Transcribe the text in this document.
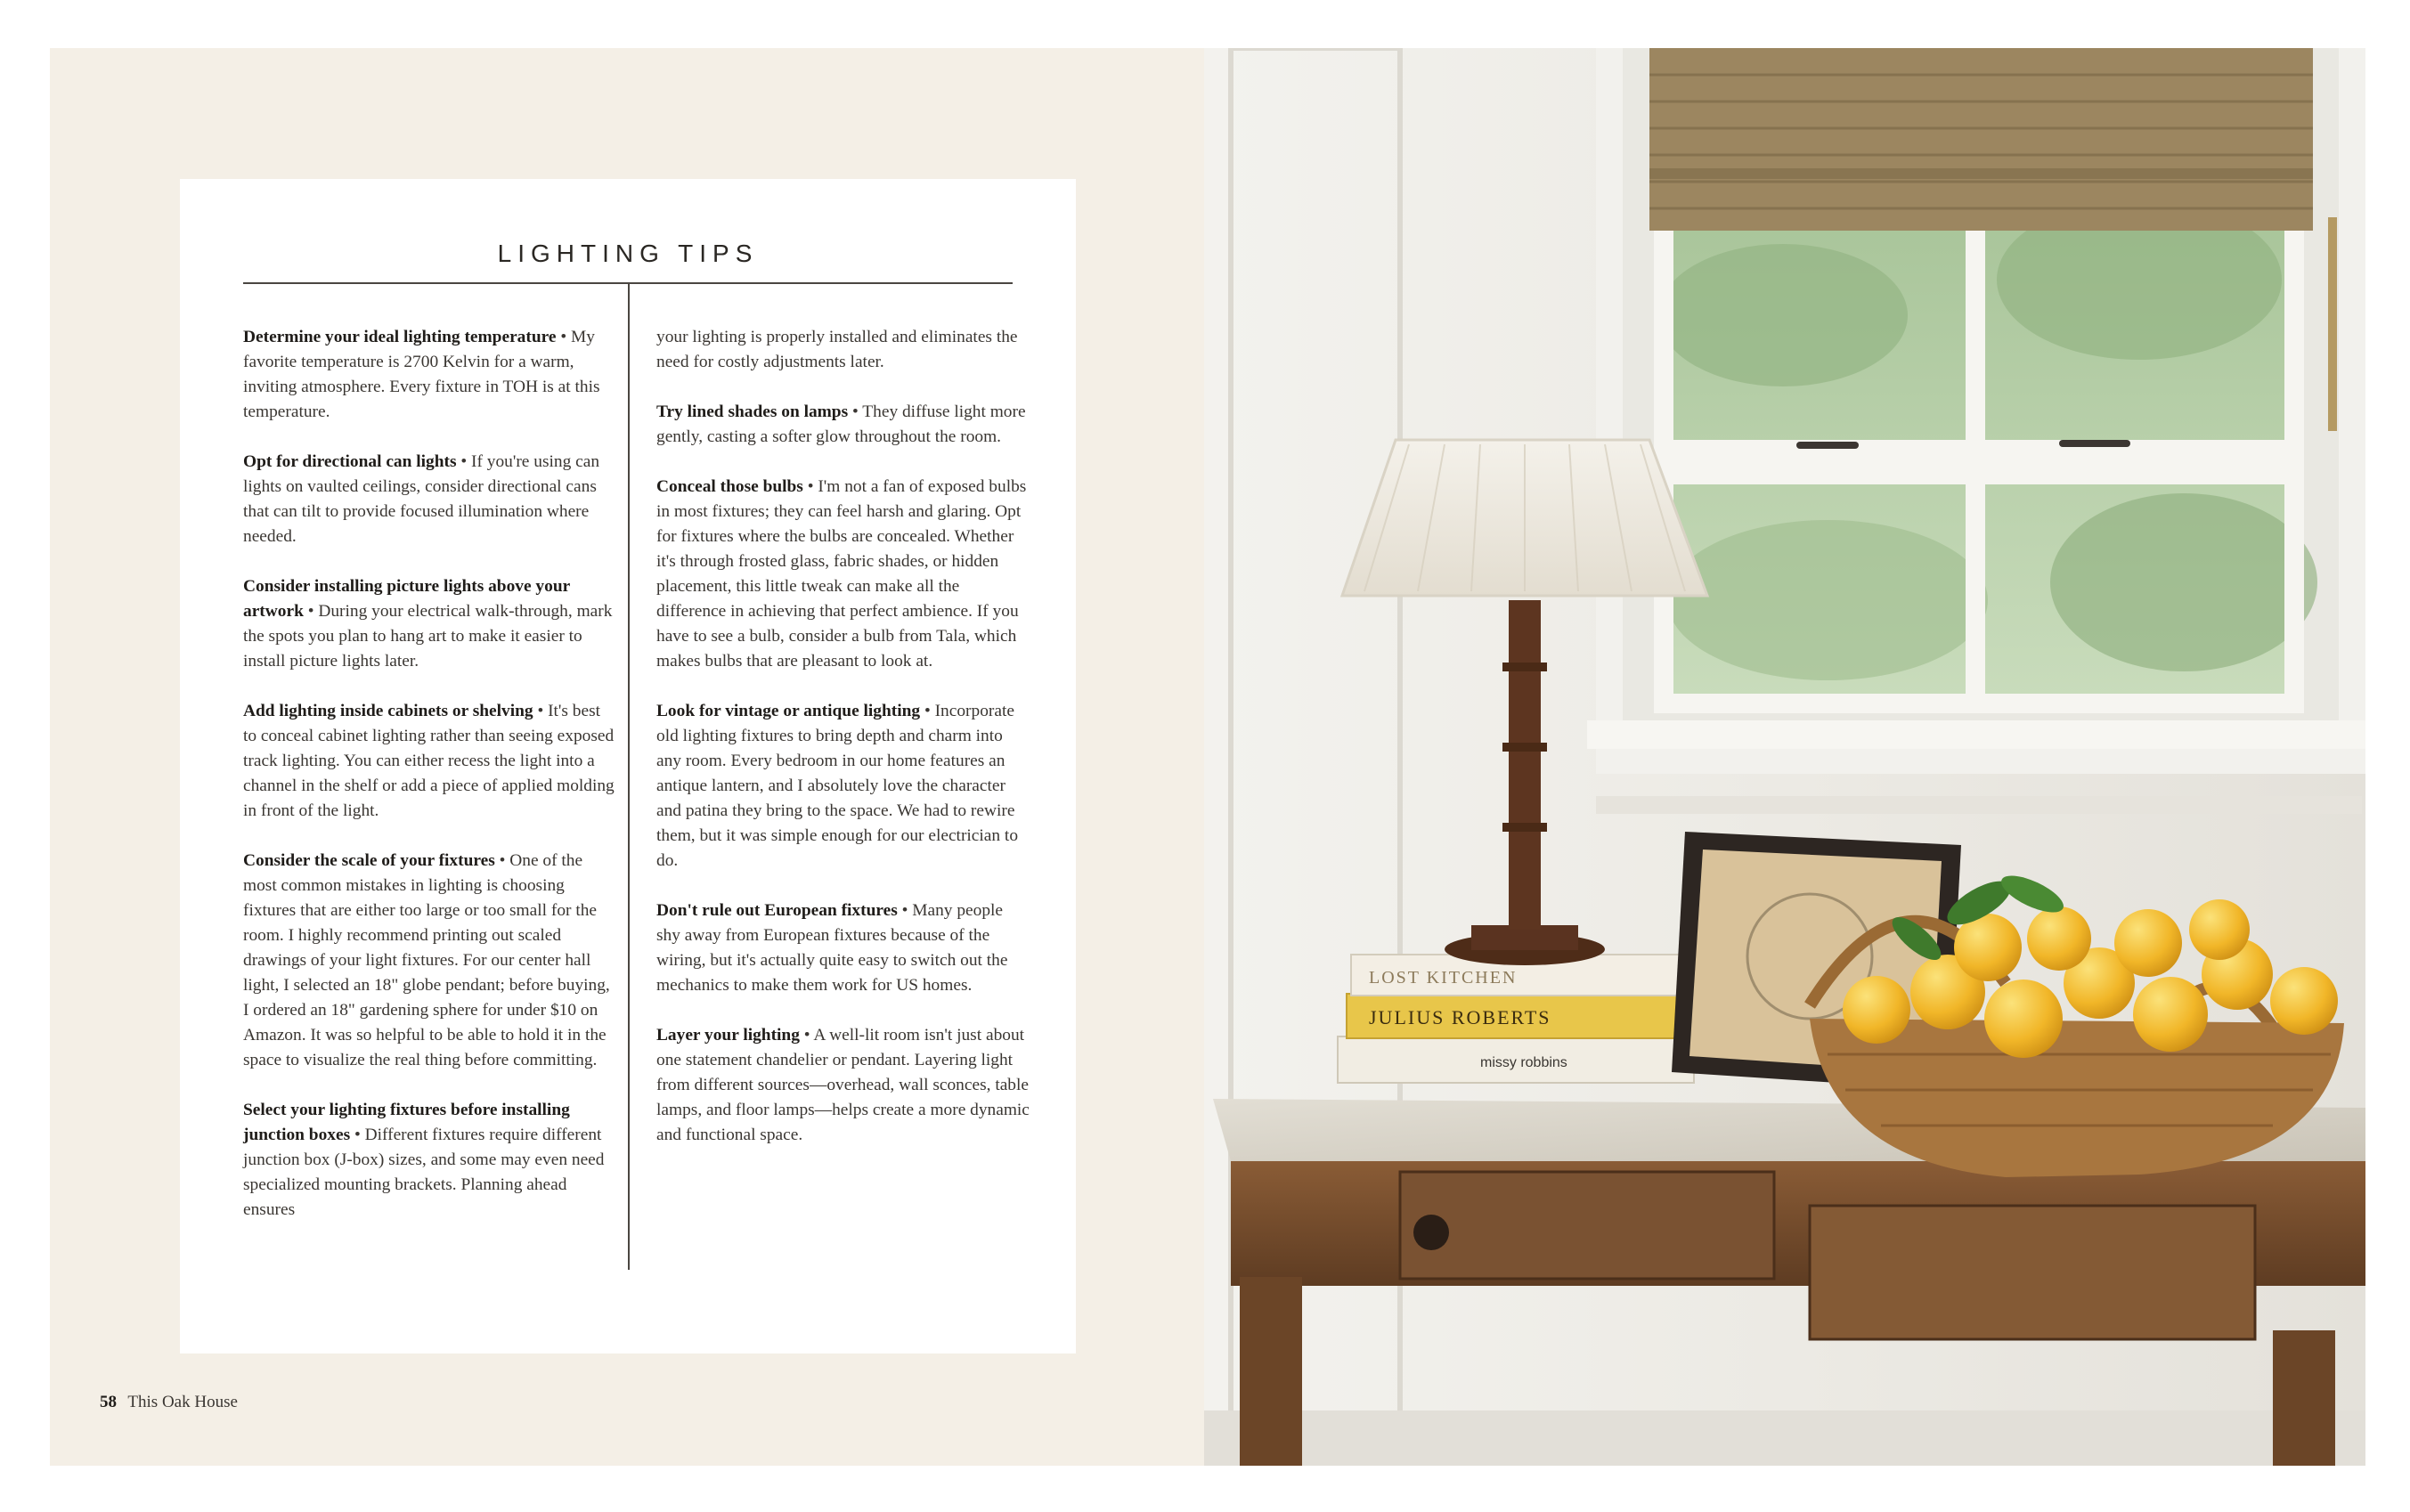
LIGHTING TIPS

Determine your ideal lighting temperature • My favorite temperature is 2700 Kelvin for a warm, inviting atmosphere. Every fixture in TOH is at this temperature.

Opt for directional can lights • If you're using can lights on vaulted ceilings, consider directional cans that can tilt to provide focused illumination where needed.

Consider installing picture lights above your artwork • During your electrical walk-through, mark the spots you plan to hang art to make it easier to install picture lights later.

Add lighting inside cabinets or shelving • It's best to conceal cabinet lighting rather than seeing exposed track lighting. You can either recess the light into a channel in the shelf or add a piece of applied molding in front of the light.

Consider the scale of your fixtures • One of the most common mistakes in lighting is choosing fixtures that are either too large or too small for the room. I highly recommend printing out scaled drawings of your light fixtures. For our center hall light, I selected an 18" globe pendant; before buying, I ordered an 18" gardening sphere for under $10 on Amazon. It was so helpful to be able to hold it in the space to visualize the real thing before committing.

Select your lighting fixtures before installing junction boxes • Different fixtures require different junction box (J-box) sizes, and some may even need specialized mounting brackets. Planning ahead ensures

your lighting is properly installed and eliminates the need for costly adjustments later.

Try lined shades on lamps • They diffuse light more gently, casting a softer glow throughout the room.

Conceal those bulbs • I'm not a fan of exposed bulbs in most fixtures; they can feel harsh and glaring. Opt for fixtures where the bulbs are concealed. Whether it's through frosted glass, fabric shades, or hidden placement, this little tweak can make all the difference in achieving that perfect ambience. If you have to see a bulb, consider a bulb from Tala, which makes bulbs that are pleasant to look at.

Look for vintage or antique lighting • Incorporate old lighting fixtures to bring depth and charm into any room. Every bedroom in our home features an antique lantern, and I absolutely love the character and patina they bring to the space. We had to rewire them, but it was simple enough for our electrician to do.

Don't rule out European fixtures • Many people shy away from European fixtures because of the wiring, but it's actually quite easy to switch out the mechanics to make them work for US homes.

Layer your lighting • A well-lit room isn't just about one statement chandelier or pendant. Layering light from different sources—overhead, wall sconces, table lamps, and floor lamps—helps create a more dynamic and functional space.

58 This Oak House
LOST KITCHEN
JULIUS ROBERTS
missy robbins
